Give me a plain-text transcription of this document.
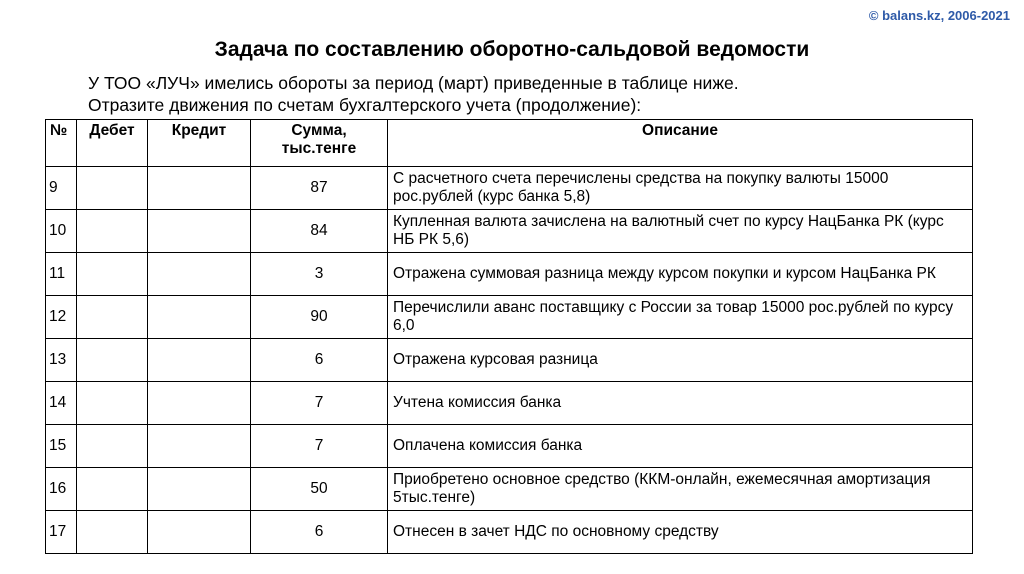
© balans.kz, 2006-2021
Задача по составлению оборотно-сальдовой ведомости
У ТОО «ЛУЧ» имелись обороты за период (март) приведенные в таблице ниже.
Отразите движения по счетам бухгалтерского учета (продолжение):
№	Дебет	Кредит	Сумма, тыс.тенге	Описание
9			87	С расчетного счета перечислены средства на покупку валюты 15000 рос.рублей (курс банка 5,8)
10			84	Купленная валюта зачислена на валютный счет по курсу НацБанка РК (курс НБ РК 5,6)
11			3	Отражена суммовая разница между курсом покупки и курсом НацБанка РК
12			90	Перечислили аванс поставщику с России за товар 15000 рос.рублей по курсу 6,0
13			6	Отражена курсовая разница
14			7	Учтена комиссия банка
15			7	Оплачена комиссия банка
16			50	Приобретено основное средство (ККМ-онлайн, ежемесячная амортизация 5тыс.тенге)
17			6	Отнесен в зачет НДС по основному средству
